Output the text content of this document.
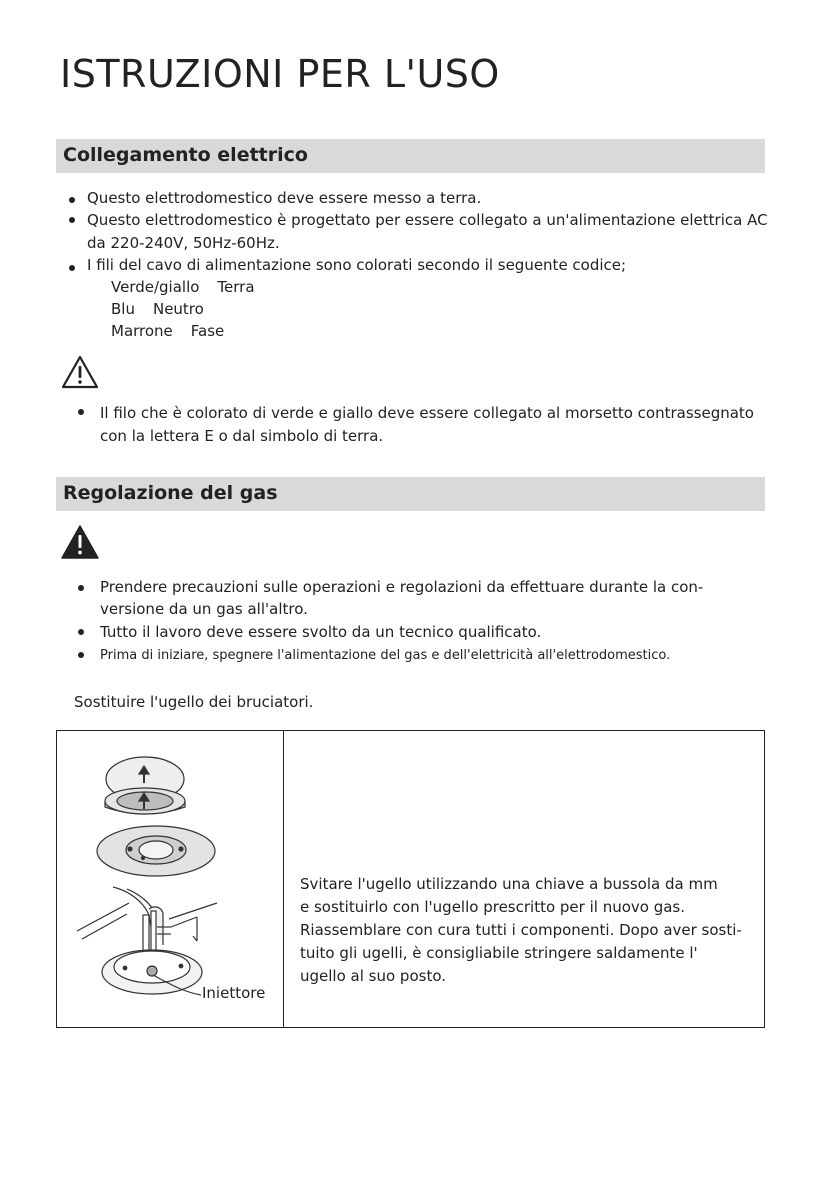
ISTRUZIONI PER L'USO
Collegamento elettrico
Questo elettrodomestico deve essere messo a terra.
Questo elettrodomestico è progettato per essere collegato a un'alimentazione elettrica AC
da 220-240V, 50Hz-60Hz.
I fili del cavo di alimentazione sono colorati secondo il seguente codice;
Verde/giallo Terra
Blu Neutro
Marrone Fase
Il filo che è colorato di verde e giallo deve essere collegato al morsetto contrassegnato
con la lettera E o dal simbolo di terra.
Regolazione del gas
Prendere precauzioni sulle operazioni e regolazioni da effettuare durante la con-
versione da un gas all'altro.
Tutto il lavoro deve essere svolto da un tecnico qualificato.
Prima di iniziare, spegnere l'alimentazione del gas e dell'elettricità all'elettrodomestico.
Sostituire l'ugello dei bruciatori.
Iniettore
Svitare l'ugello utilizzando una chiave a bussola da mm
e sostituirlo con l'ugello prescritto per il nuovo gas.
Riassemblare con cura tutti i componenti. Dopo aver sosti-
tuito gli ugelli, è consigliabile stringere saldamente l'
ugello al suo posto.
